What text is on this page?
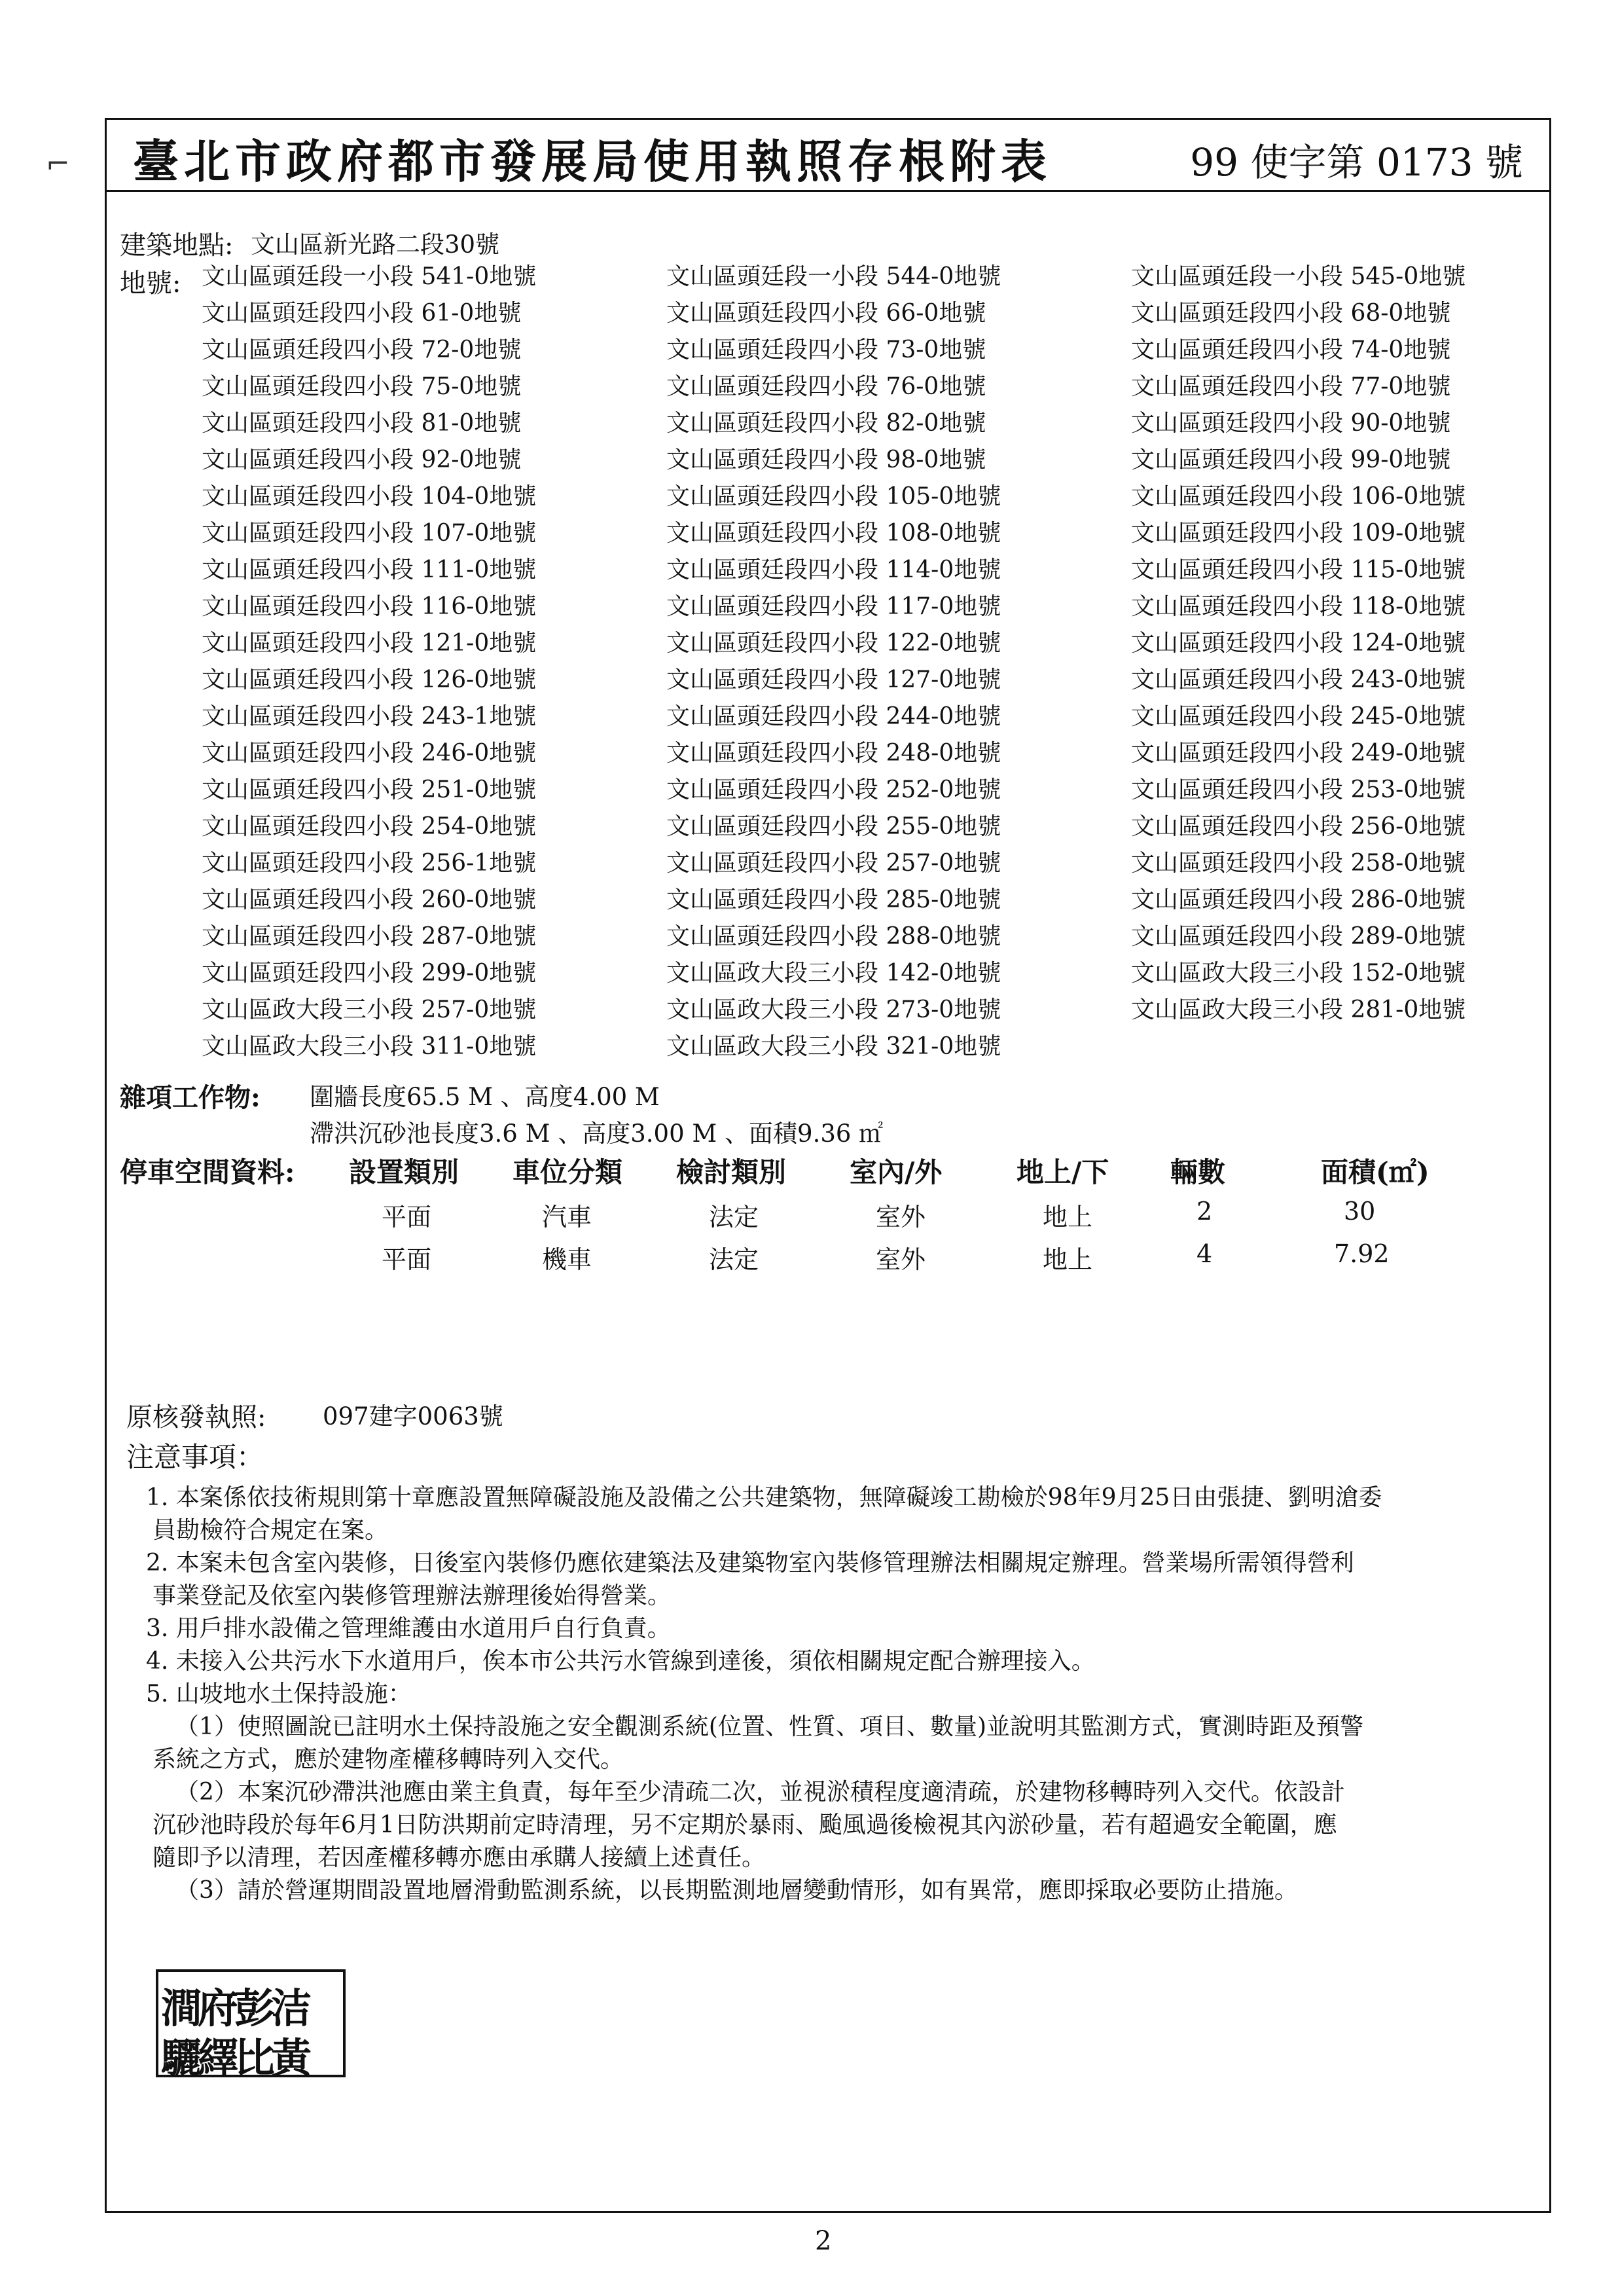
⌐ 臺北市政府都市發展局使用執照存根附表	99 使字第 0173 號
建築地點: 文山區新光路二段30號
地號: 文山區頭廷段一小段 541-0地號	文山區頭廷段一小段 544-0地號	文山區頭廷段一小段 545-0地號
文山區頭廷段四小段 61-0地號	文山區頭廷段四小段 66-0地號	文山區頭廷段四小段 68-0地號
文山區頭廷段四小段 72-0地號	文山區頭廷段四小段 73-0地號	文山區頭廷段四小段 74-0地號
文山區頭廷段四小段 75-0地號	文山區頭廷段四小段 76-0地號	文山區頭廷段四小段 77-0地號
文山區頭廷段四小段 81-0地號	文山區頭廷段四小段 82-0地號	文山區頭廷段四小段 90-0地號
文山區頭廷段四小段 92-0地號	文山區頭廷段四小段 98-0地號	文山區頭廷段四小段 99-0地號
文山區頭廷段四小段 104-0地號	文山區頭廷段四小段 105-0地號	文山區頭廷段四小段 106-0地號
文山區頭廷段四小段 107-0地號	文山區頭廷段四小段 108-0地號	文山區頭廷段四小段 109-0地號
文山區頭廷段四小段 111-0地號	文山區頭廷段四小段 114-0地號	文山區頭廷段四小段 115-0地號
文山區頭廷段四小段 116-0地號	文山區頭廷段四小段 117-0地號	文山區頭廷段四小段 118-0地號
文山區頭廷段四小段 121-0地號	文山區頭廷段四小段 122-0地號	文山區頭廷段四小段 124-0地號
文山區頭廷段四小段 126-0地號	文山區頭廷段四小段 127-0地號	文山區頭廷段四小段 243-0地號
文山區頭廷段四小段 243-1地號	文山區頭廷段四小段 244-0地號	文山區頭廷段四小段 245-0地號
文山區頭廷段四小段 246-0地號	文山區頭廷段四小段 248-0地號	文山區頭廷段四小段 249-0地號
文山區頭廷段四小段 251-0地號	文山區頭廷段四小段 252-0地號	文山區頭廷段四小段 253-0地號
文山區頭廷段四小段 254-0地號	文山區頭廷段四小段 255-0地號	文山區頭廷段四小段 256-0地號
文山區頭廷段四小段 256-1地號	文山區頭廷段四小段 257-0地號	文山區頭廷段四小段 258-0地號
文山區頭廷段四小段 260-0地號	文山區頭廷段四小段 285-0地號	文山區頭廷段四小段 286-0地號
文山區頭廷段四小段 287-0地號	文山區頭廷段四小段 288-0地號	文山區頭廷段四小段 289-0地號
文山區頭廷段四小段 299-0地號	文山區政大段三小段 142-0地號	文山區政大段三小段 152-0地號
文山區政大段三小段 257-0地號	文山區政大段三小段 273-0地號	文山區政大段三小段 281-0地號
文山區政大段三小段 311-0地號	文山區政大段三小段 321-0地號
雜項工作物: 圍牆長度65.5 M 、高度4.00 M
滯洪沉砂池長度3.6 M 、高度3.00 M 、面積9.36 ㎡
停車空間資料: 設置類別 車位分類 檢討類別 室內/外	地上/下 輛數	面積(㎡)
平面	汽車	法定	室外	地上	2	30
平面	機車	法定	室外	地上	4	7.92
原核發執照: 097建字0063號
注意事項：

1. 本案係依技術規則第十章應設置無障礙設施及設備之公共建築物，無障礙竣工勘檢於98年9月25日由張捷、劉明滄委

員勘檢符合規定在案。

2. 本案未包含室內裝修，日後室內裝修仍應依建築法及建築物室內裝修管理辦法相關規定辦理。營業場所需領得營利

事業登記及依室內裝修管理辦法辦理後始得營業。

3. 用戶排水設備之管理維護由水道用戶自行負責。

4. 未接入公共污水下水道用戶，俟本市公共污水管線到達後，須依相關規定配合辦理接入。

5. 山坡地水土保持設施：

（1）使照圖說已註明水土保持設施之安全觀測系統(位置、性質、項目、數量)並說明其監測方式，實測時距及預警

系統之方式，應於建物產權移轉時列入交代。

（2）本案沉砂滯洪池應由業主負責，每年至少清疏二次，並視淤積程度適清疏，於建物移轉時列入交代。依設計

沉砂池時段於每年6月1日防洪期前定時清理，另不定期於暴雨、颱風過後檢視其內淤砂量，若有超過安全範圍，應

隨即予以清理，若因產權移轉亦應由承購人接續上述責任。

（3）請於營運期間設置地層滑動監測系統，以長期監測地層變動情形，如有異常，應即採取必要防止措施。

澗府彭洁
驪繹比黃
2
